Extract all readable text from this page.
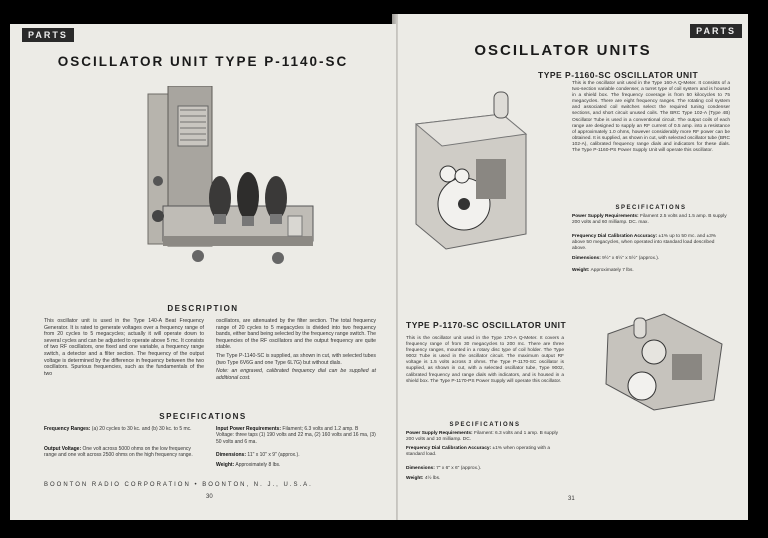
PARTS
OSCILLATOR UNIT TYPE P-1140-SC
DESCRIPTION
This oscillator unit is used in the Type 140-A Beat Frequency Generator. It is rated to generate voltages over a frequency range of from 20 cycles to 5 megacycles; actually it will operate down to several cycles and can be adjusted to operate above 5 mc. It consists of two RF oscillators, one fixed and one variable, a frequency range switch, a detector and a filter section. The frequency of the output voltage is determined by the difference in frequency between the two oscillators. Spurious frequencies, such as the fundamentals of the two
oscillators, are attenuated by the filter section. The total frequency range of 20 cycles to 5 megacycles is divided into two frequency bands, either band being selected by the frequency range switch. The frequencies of the RF oscillators and the output frequency are quite stable.
The Type P-1140-SC is supplied, as shown in cut, with selected tubes (two Type 6V6G and one Type 6L7G) but without dials.
Note: an engraved, calibrated frequency dial can be supplied at additional cost.
SPECIFICATIONS
Frequency Ranges: (a) 20 cycles to 30 kc. and (b) 30 kc. to 5 mc.
Output Voltage: One volt across 5000 ohms on the low frequency range and one volt across 2500 ohms on the high frequency range.
Input Power Requirements: Filament; 6.3 volts and 1.2 amp. B Voltage: three taps (1) 190 volts and 22 ma, (2) 160 volts and 16 ma, (3) 50 volts and 6 ma.
Dimensions: 11" x 10" x 9" (approx.).
Weight: Approximately 8 lbs.
BOONTON RADIO CORPORATION • BOONTON, N. J., U.S.A.
30
PARTS
OSCILLATOR UNITS
TYPE P-1160-SC OSCILLATOR UNIT
This is the oscillator unit used in the Type 160-A Q-Meter. It consists of a two-section variable condenser, a turret type of coil system and is housed in a shield box. The frequency coverage is from 50 kilocycles to 75 megacycles. There are eight frequency ranges. The rotating coil system and associated coil switches select the required tuning condenser sections, and short circuit unused coils. The BRC Type 102-A (Type 4B) Oscillator Tube is used in a conventional circuit. The output coils of each range are designed to supply an RF current of 0.5 amp. into a resistance of approximately 1.0 ohms, however considerably more RF power can be obtained. It is supplied, as shown in cut, with selected oscillator tube (BRC 102-A), calibrated frequency range dials and indicators for these dials. The Type P-1160-PS Power Supply Unit will operate this oscillator.
SPECIFICATIONS
Power Supply Requirements: Filament 2.5 volts and 1.5 amp. B supply 200 volts and 60 milliamp. DC. max.
Frequency Dial Calibration Accuracy: ±1% up to 50 mc. and ±3% above 50 megacycles, when operated into standard load described above.
Dimensions: 9½" x 6½" x 5½" (approx.).
Weight: Approximately 7 lbs.
TYPE P-1170-SC OSCILLATOR UNIT
This is the oscillator unit used in the Type 170-A Q-Meter. It covers a frequency range of from 30 megacycles to 200 mc. There are three frequency ranges, mounted in a rotary disc type of coil holder. The Type 9002 Tube is used in the oscillator circuit. The maximum output RF voltage is 1.5 volts across 3 ohms. The Type P-1170-SC oscillator is supplied, as shown in cut, with a selected oscillator tube, Type 9002, calibrated frequency and range dials with indicators, and is housed in a shield box. The Type P-1170-PS Power Supply will operate this oscillator.
SPECIFICATIONS
Power Supply Requirements: Filament: 6.3 volts and 1 amp. B supply 200 volts and 10 milliamp. DC.
Frequency Dial Calibration Accuracy: ±1% when operating with a standard load.
Dimensions: 7" x 6" x 6" (approx.).
Weight: 4½ lbs.
31
